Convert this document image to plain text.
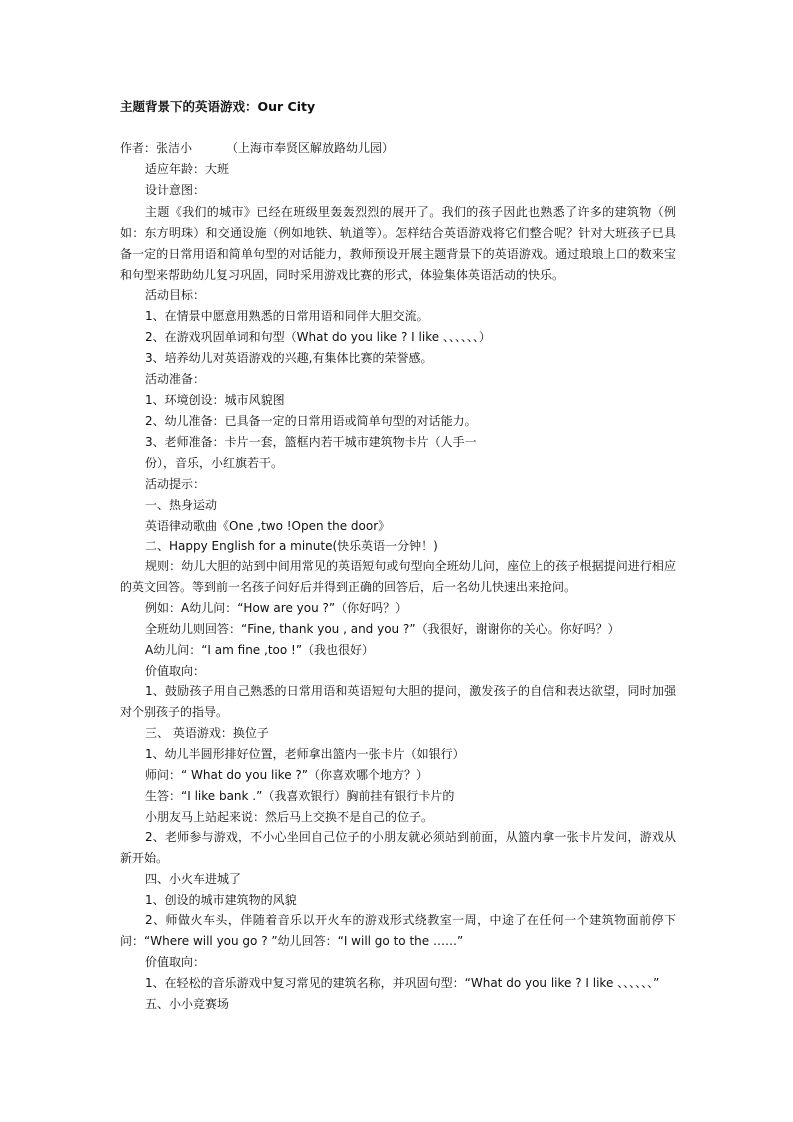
主题背景下的英语游戏：Our City
作者：张洁小	（上海市奉贤区解放路幼儿园）
适应年龄：大班
设计意图：
主题《我们的城市》已经在班级里轰轰烈烈的展开了。我们的孩子因此也熟悉了许多的建筑物（例如：东方明珠）和交通设施（例如地铁、轨道等）。怎样结合英语游戏将它们整合呢？针对大班孩子已具备一定的日常用语和简单句型的对话能力，教师预设开展主题背景下的英语游戏。通过琅琅上口的数来宝和句型来帮助幼儿复习巩固，同时采用游戏比赛的形式，体验集体英语活动的快乐。
活动目标：
1、在情景中愿意用熟悉的日常用语和同伴大胆交流。
2、在游戏巩固单词和句型（What do you like ? I like 、、、、、、）
3、培养幼儿对英语游戏的兴趣,有集体比赛的荣誉感。
活动准备：
1、环境创设：城市风貌图
2、幼儿准备：已具备一定的日常用语或简单句型的对话能力。
3、老师准备：卡片一套，篮框内若干城市建筑物卡片（人手一
份），音乐，小红旗若干。
活动提示：
一、热身运动
英语律动歌曲《One ,two !Open the door》
二、Happy English for a minute(快乐英语一分钟！)
规则：幼儿大胆的站到中间用常见的英语短句或句型向全班幼儿问，座位上的孩子根据提问进行相应的英文回答。等到前一名孩子问好后并得到正确的回答后，后一名幼儿快速出来抢问。
例如：A幼儿问：“How are you ?”（你好吗？）
全班幼儿则回答：“Fine, thank you , and you ?”（我很好，谢谢你的关心。你好吗？）
A幼儿问：“I am fine ,too !”（我也很好）
价值取向：
1、鼓励孩子用自己熟悉的日常用语和英语短句大胆的提问，激发孩子的自信和表达欲望，同时加强对个别孩子的指导。
三、 英语游戏：换位子
1、幼儿半圆形排好位置，老师拿出篮内一张卡片（如银行）
师问：“ What do you like ?”（你喜欢哪个地方？）
生答：“I like bank .”（我喜欢银行）胸前挂有银行卡片的
小朋友马上站起来说：然后马上交换不是自己的位子。
2、老师参与游戏，不小心坐回自己位子的小朋友就必须站到前面，从篮内拿一张卡片发问，游戏从新开始。
四、小火车进城了
1、创设的城市建筑物的风貌
2、师做火车头，伴随着音乐以开火车的游戏形式绕教室一周，中途了在任何一个建筑物面前停下问：“Where will you go ? ”幼儿回答：“I will go to the ……”
价值取向：
1、在轻松的音乐游戏中复习常见的建筑名称，并巩固句型：“What do you like ? I like 、、、、、、”
五、小小竞赛场
